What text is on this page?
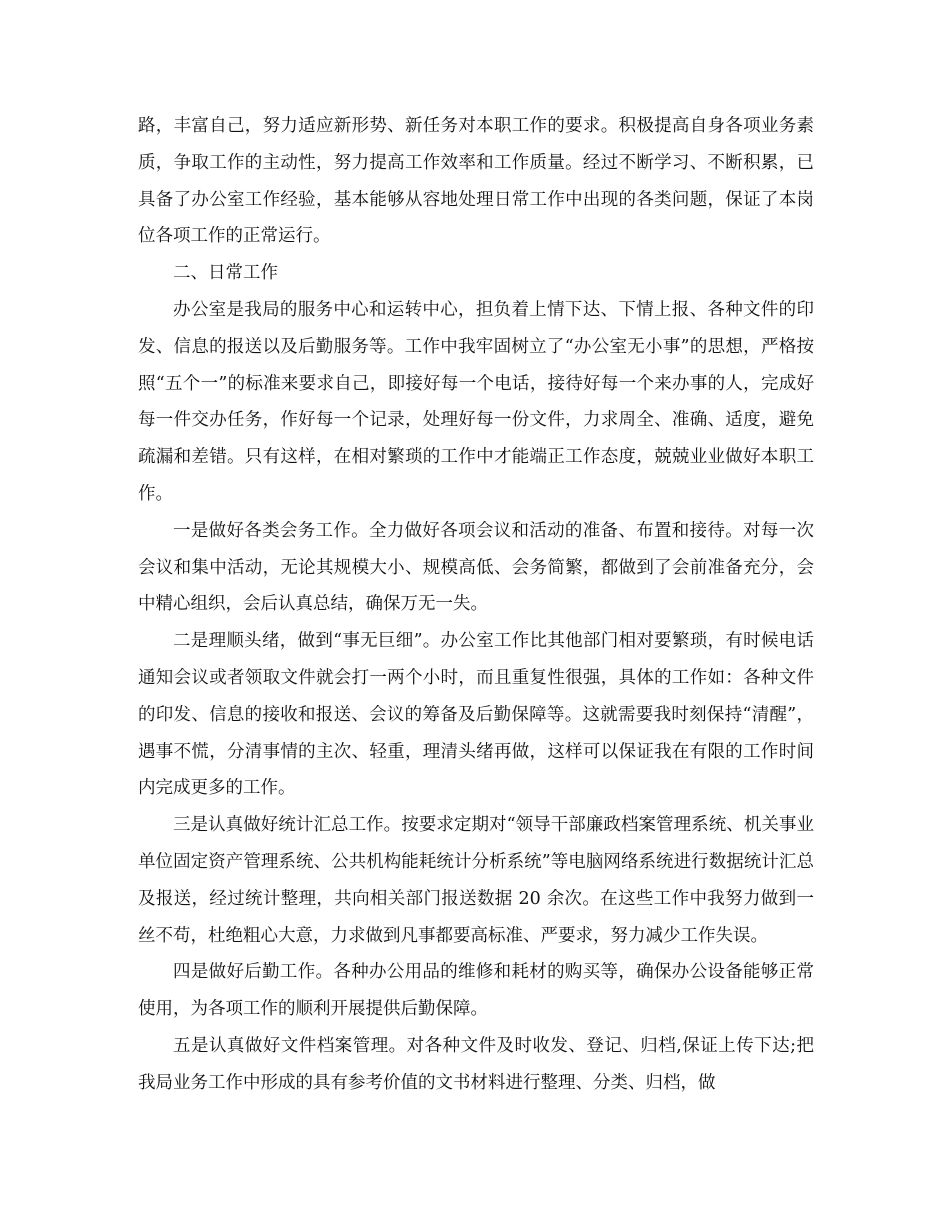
路，丰富自己，努力适应新形势、新任务对本职工作的要求。积极提高自身各项业务素质，争取工作的主动性，努力提高工作效率和工作质量。经过不断学习、不断积累，已具备了办公室工作经验，基本能够从容地处理日常工作中出现的各类问题，保证了本岗位各项工作的正常运行。

二、日常工作

办公室是我局的服务中心和运转中心，担负着上情下达、下情上报、各种文件的印发、信息的报送以及后勤服务等。工作中我牢固树立了“办公室无小事”的思想，严格按照“五个一”的标准来要求自己，即接好每一个电话，接待好每一个来办事的人，完成好每一件交办任务，作好每一个记录，处理好每一份文件，力求周全、准确、适度，避免疏漏和差错。只有这样，在相对繁琐的工作中才能端正工作态度，兢兢业业做好本职工作。

一是做好各类会务工作。全力做好各项会议和活动的准备、布置和接待。对每一次会议和集中活动，无论其规模大小、规模高低、会务简繁，都做到了会前准备充分，会中精心组织，会后认真总结，确保万无一失。

二是理顺头绪，做到“事无巨细”。办公室工作比其他部门相对要繁琐，有时候电话通知会议或者领取文件就会打一两个小时，而且重复性很强，具体的工作如：各种文件的印发、信息的接收和报送、会议的筹备及后勤保障等。这就需要我时刻保持“清醒”，遇事不慌，分清事情的主次、轻重，理清头绪再做，这样可以保证我在有限的工作时间内完成更多的工作。

三是认真做好统计汇总工作。按要求定期对“领导干部廉政档案管理系统、机关事业单位固定资产管理系统、公共机构能耗统计分析系统”等电脑网络系统进行数据统计汇总及报送，经过统计整理，共向相关部门报送数据 20 余次。在这些工作中我努力做到一丝不苟，杜绝粗心大意，力求做到凡事都要高标准、严要求，努力减少工作失误。

四是做好后勤工作。各种办公用品的维修和耗材的购买等，确保办公设备能够正常使用，为各项工作的顺利开展提供后勤保障。

五是认真做好文件档案管理。对各种文件及时收发、登记、归档,保证上传下达;把我局业务工作中形成的具有参考价值的文书材料进行整理、分类、归档，做
